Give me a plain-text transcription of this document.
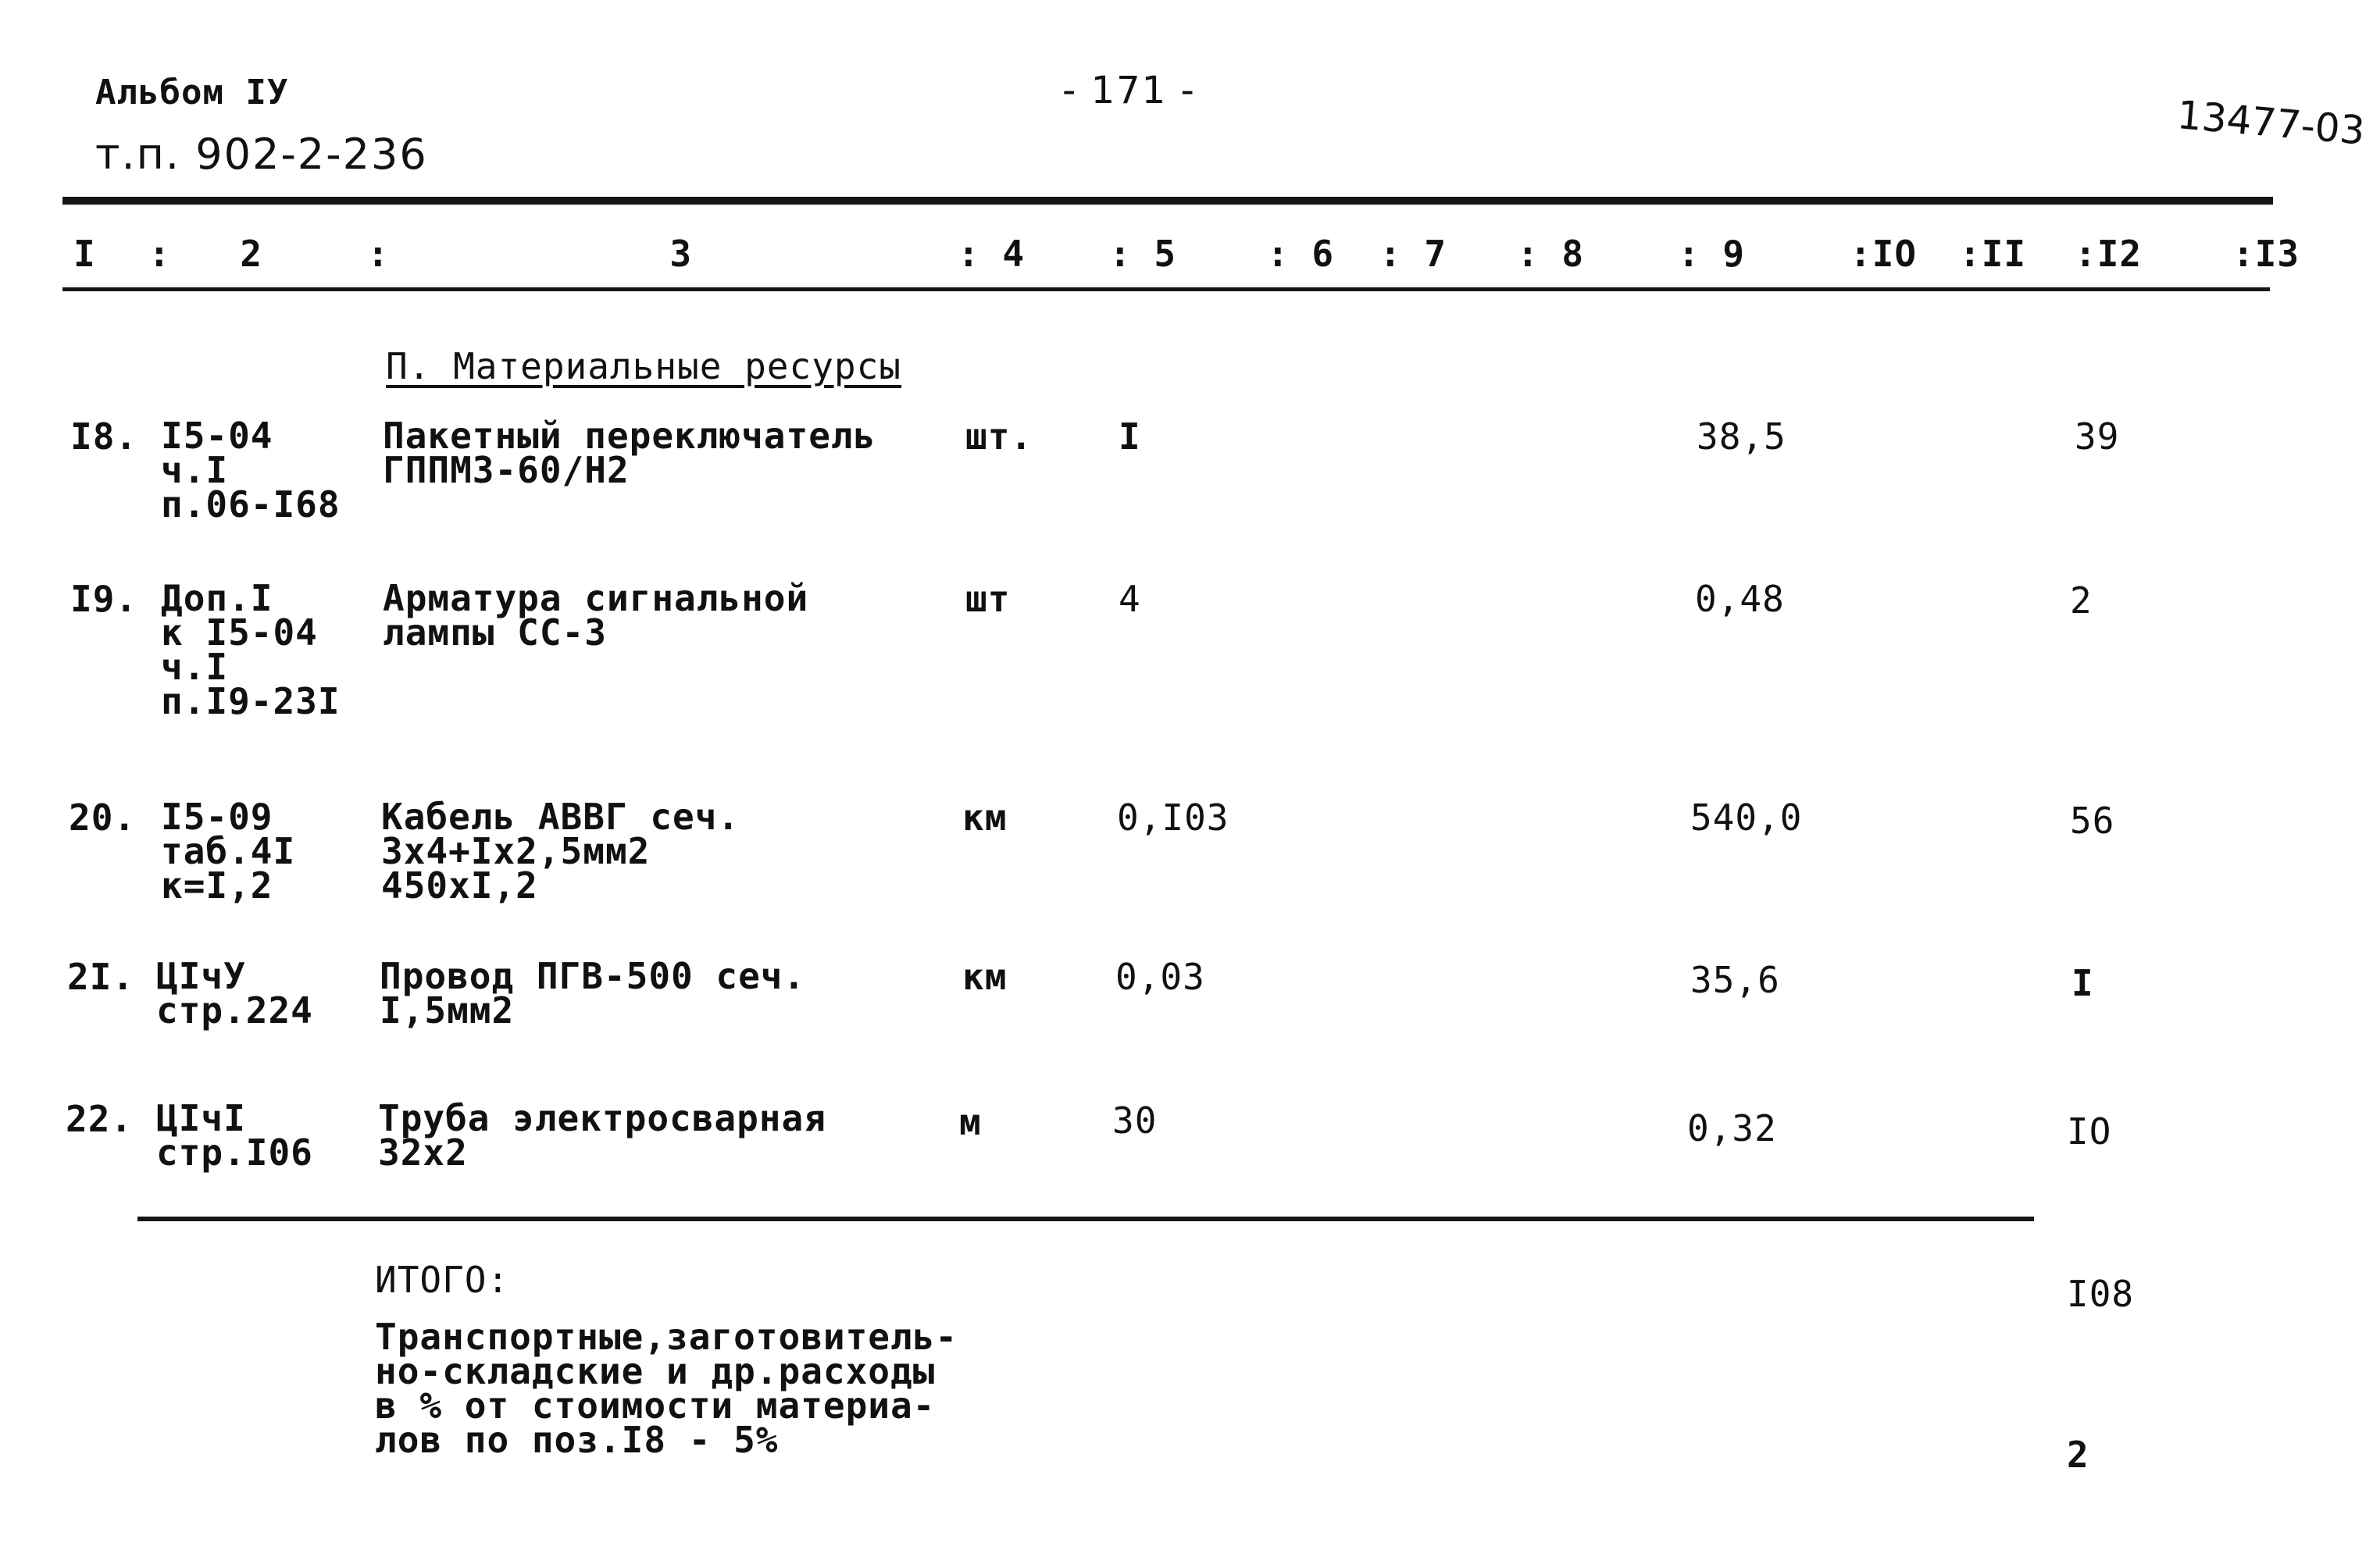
Альбом IУ
т.п. 902-2-236
- 171 -
13477-03
I : 2	: 3	: 4 : 5	: 6 : 7 : 8	: 9	:IO :II :I2	:I3
П. Материальные ресурсы
I8. I5-04
ч.I
п.06-I68
Пакетный переключатель
ГППМЗ-60/Н2
шт. I	38,5	39
I9. Доп.I
к I5-04
ч.I
п.I9-23I
Арматура сигнальной
лампы СС-3
шт	4	0,48	2
20. I5-09
таб.4I
к=I,2
Кабель АВВГ сеч.
3х4+Iх2,5мм2
450хI,2
км	0,I03	540,0	56
2I. ЦIчУ
стр.224
Провод ПГВ-500 сеч.
I,5мм2
км	0,03	35,6	I
22. ЦIчI
стр.I06
Труба электросварная
32х2
м	30	0,32	IO
ИТОГО:	I08
Транспортные,заготовитель-
но-складские и др.расходы
в % от стоимости материа-
лов по поз.I8 - 5%	2
